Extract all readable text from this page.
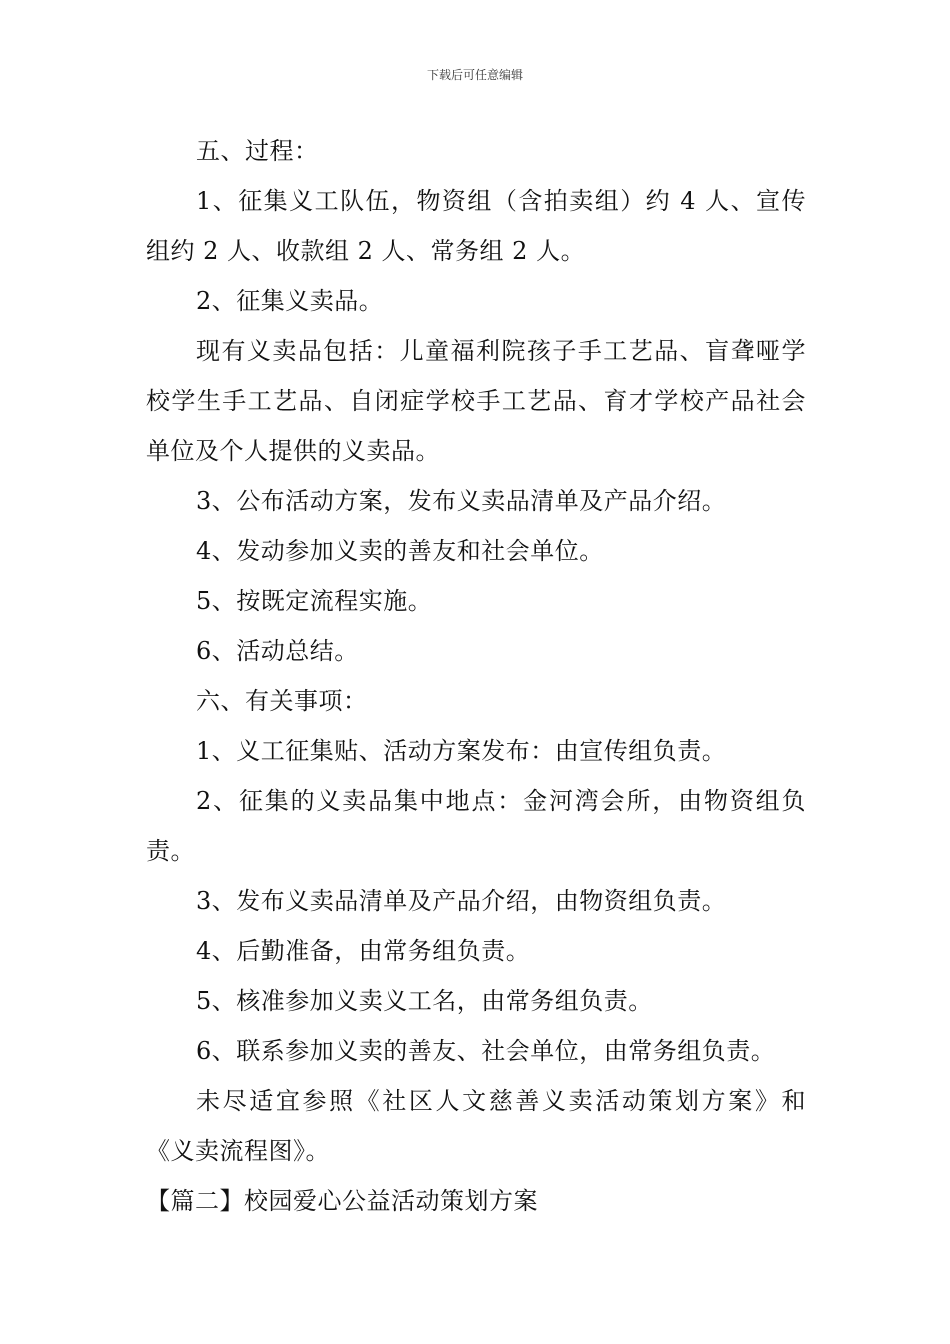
下载后可任意编辑

五、过程：

1、征集义工队伍，物资组（含拍卖组）约 4 人、宣传组约 2 人、收款组 2 人、常务组 2 人。

2、征集义卖品。

现有义卖品包括：儿童福利院孩子手工艺品、盲聋哑学校学生手工艺品、自闭症学校手工艺品、育才学校产品社会单位及个人提供的义卖品。

3、公布活动方案，发布义卖品清单及产品介绍。

4、发动参加义卖的善友和社会单位。

5、按既定流程实施。

6、活动总结。

六、有关事项：

1、义工征集贴、活动方案发布：由宣传组负责。

2、征集的义卖品集中地点：金河湾会所，由物资组负责。

3、发布义卖品清单及产品介绍，由物资组负责。

4、后勤准备，由常务组负责。

5、核准参加义卖义工名，由常务组负责。

6、联系参加义卖的善友、社会单位，由常务组负责。

未尽适宜参照《社区人文慈善义卖活动策划方案》和《义卖流程图》。

【篇二】校园爱心公益活动策划方案
